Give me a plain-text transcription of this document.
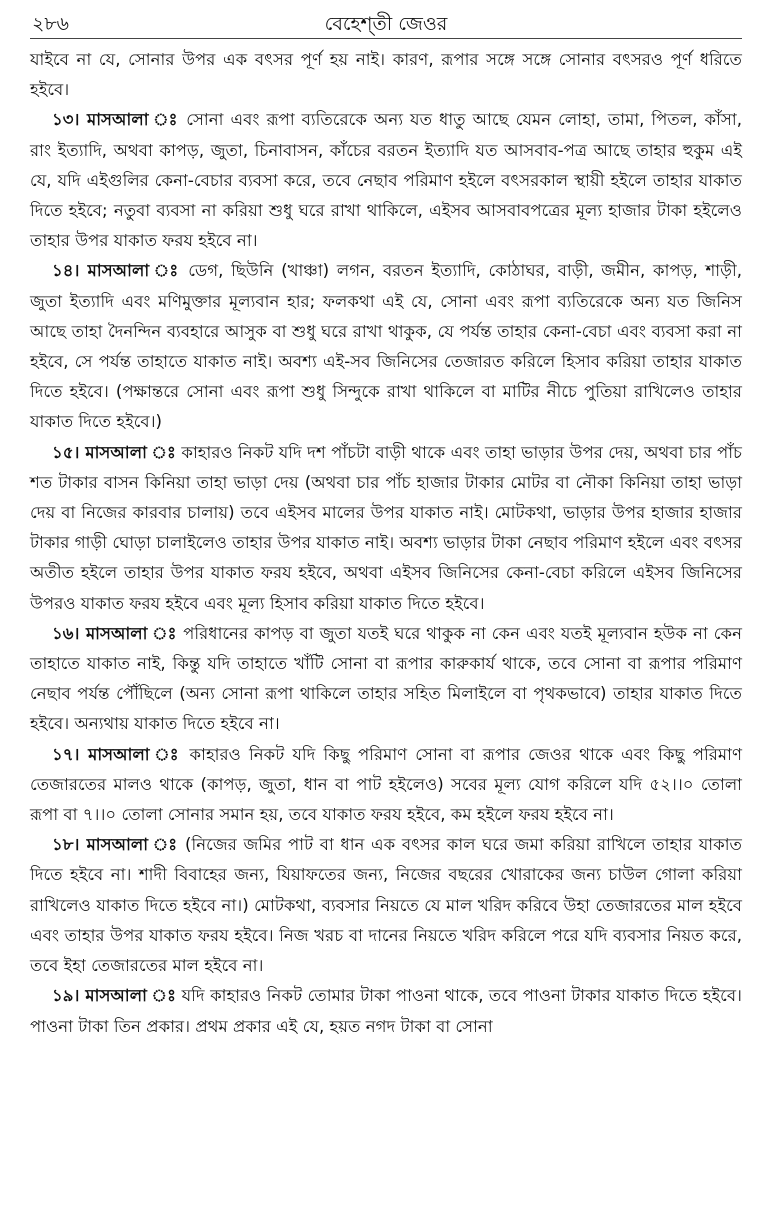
২৮৬	বেহেশ্‌তী জেওর

যাইবে না যে, সোনার উপর এক বৎসর পূর্ণ হয় নাই। কারণ, রূপার সঙ্গে সঙ্গে সোনার বৎসরও পূর্ণ ধরিতে হইবে।

১৩। মাসআলা ঃ সোনা এবং রূপা ব্যতিরেকে অন্য যত ধাতু আছে যেমন লোহা, তামা, পিতল, কাঁসা, রাং ইত্যাদি, অথবা কাপড়, জুতা, চিনাবাসন, কাঁচের বরতন ইত্যাদি যত আসবাব-পত্র আছে তাহার হুকুম এই যে, যদি এইগুলির কেনা-বেচার ব্যবসা করে, তবে নেছাব পরিমাণ হইলে বৎসরকাল স্থায়ী হইলে তাহার যাকাত দিতে হইবে; নতুবা ব্যবসা না করিয়া শুধু ঘরে রাখা থাকিলে, এইসব আসবাবপত্রের মূল্য হাজার টাকা হইলেও তাহার উপর যাকাত ফরয হইবে না।

১৪। মাসআলা ঃ ডেগ, ছিউনি (খাঞ্চা) লগন, বরতন ইত্যাদি, কোঠাঘর, বাড়ী, জমীন, কাপড়, শাড়ী, জুতা ইত্যাদি এবং মণিমুক্তার মূল্যবান হার; ফলকথা এই যে, সোনা এবং রূপা ব্যতিরেকে অন্য যত জিনিস আছে তাহা দৈনন্দিন ব্যবহারে আসুক বা শুধু ঘরে রাখা থাকুক, যে পর্যন্ত তাহার কেনা-বেচা এবং ব্যবসা করা না হইবে, সে পর্যন্ত তাহাতে যাকাত নাই। অবশ্য এই-সব জিনিসের তেজারত করিলে হিসাব করিয়া তাহার যাকাত দিতে হইবে। (পক্ষান্তরে সোনা এবং রূপা শুধু সিন্দুকে রাখা থাকিলে বা মাটির নীচে পুতিয়া রাখিলেও তাহার যাকাত দিতে হইবে।)

১৫। মাসআলা ঃ কাহারও নিকট যদি দশ পাঁচটা বাড়ী থাকে এবং তাহা ভাড়ার উপর দেয়, অথবা চার পাঁচ শত টাকার বাসন কিনিয়া তাহা ভাড়া দেয় (অথবা চার পাঁচ হাজার টাকার মোটর বা নৌকা কিনিয়া তাহা ভাড়া দেয় বা নিজের কারবার চালায়) তবে এইসব মালের উপর যাকাত নাই। মোটকথা, ভাড়ার উপর হাজার হাজার টাকার গাড়ী ঘোড়া চালাইলেও তাহার উপর যাকাত নাই। অবশ্য ভাড়ার টাকা নেছাব পরিমাণ হইলে এবং বৎসর অতীত হইলে তাহার উপর যাকাত ফরয হইবে, অথবা এইসব জিনিসের কেনা-বেচা করিলে এইসব জিনিসের উপরও যাকাত ফরয হইবে এবং মূল্য হিসাব করিয়া যাকাত দিতে হইবে।

১৬। মাসআলা ঃ পরিধানের কাপড় বা জুতা যতই ঘরে থাকুক না কেন এবং যতই মূল্যবান হউক না কেন তাহাতে যাকাত নাই, কিন্তু যদি তাহাতে খাঁটি সোনা বা রূপার কারুকার্য থাকে, তবে সোনা বা রূপার পরিমাণ নেছাব পর্যন্ত পৌঁছিলে (অন্য সোনা রূপা থাকিলে তাহার সহিত মিলাইলে বা পৃথকভাবে) তাহার যাকাত দিতে হইবে। অন্যথায় যাকাত দিতে হইবে না।

১৭। মাসআলা ঃ কাহারও নিকট যদি কিছু পরিমাণ সোনা বা রূপার জেওর থাকে এবং কিছু পরিমাণ তেজারতের মালও থাকে (কাপড়, জুতা, ধান বা পাট হইলেও) সবের মূল্য যোগ করিলে যদি ৫২।।০ তোলা রূপা বা ৭।।০ তোলা সোনার সমান হয়, তবে যাকাত ফরয হইবে, কম হইলে ফরয হইবে না।

১৮। মাসআলা ঃ (নিজের জমির পাট বা ধান এক বৎসর কাল ঘরে জমা করিয়া রাখিলে তাহার যাকাত দিতে হইবে না। শাদী বিবাহের জন্য, যিয়াফতের জন্য, নিজের বছরের খোরাকের জন্য চাউল গোলা করিয়া রাখিলেও যাকাত দিতে হইবে না।) মোটকথা, ব্যবসার নিয়তে যে মাল খরিদ করিবে উহা তেজারতের মাল হইবে এবং তাহার উপর যাকাত ফরয হইবে। নিজ খরচ বা দানের নিয়তে খরিদ করিলে পরে যদি ব্যবসার নিয়ত করে, তবে ইহা তেজারতের মাল হইবে না।

১৯। মাসআলা ঃ যদি কাহারও নিকট তোমার টাকা পাওনা থাকে, তবে পাওনা টাকার যাকাত দিতে হইবে। পাওনা টাকা তিন প্রকার। প্রথম প্রকার এই যে, হয়ত নগদ টাকা বা সোনা
